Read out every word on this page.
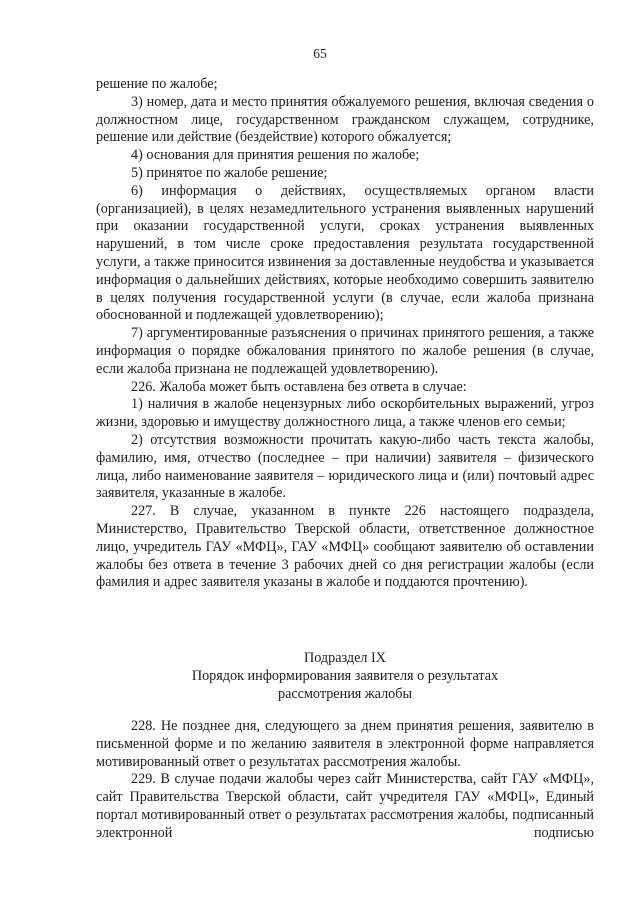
65

решение по жалобе;

3) номер, дата и место принятия обжалуемого решения, включая сведения о должностном лице, государственном гражданском служащем, сотруднике, решение или действие (бездействие) которого обжалуется;

4) основания для принятия решения по жалобе;

5) принятое по жалобе решение;

6) информация о действиях, осуществляемых органом власти (организацией), в целях незамедлительного устранения выявленных нарушений при оказании государственной услуги, сроках устранения выявленных нарушений, в том числе сроке предоставления результата государственной услуги, а также приносится извинения за доставленные неудобства и указывается информация о дальнейших действиях, которые необходимо совершить заявителю в целях получения государственной услуги (в случае, если жалоба признана обоснованной и подлежащей удовлетворению);

7) аргументированные разъяснения о причинах принятого решения, а также информация о порядке обжалования принятого по жалобе решения (в случае, если жалоба признана не подлежащей удовлетворению).

226. Жалоба может быть оставлена без ответа в случае:

1) наличия в жалобе нецензурных либо оскорбительных выражений, угроз жизни, здоровью и имуществу должностного лица, а также членов его семьи;

2) отсутствия возможности прочитать какую-либо часть текста жалобы, фамилию, имя, отчество (последнее – при наличии) заявителя – физического лица, либо наименование заявителя – юридического лица и (или) почтовый адрес заявителя, указанные в жалобе.

227. В случае, указанном в пункте 226 настоящего подраздела, Министерство, Правительство Тверской области, ответственное должностное лицо, учредитель ГАУ «МФЦ», ГАУ «МФЦ» сообщают заявителю об оставлении жалобы без ответа в течение 3 рабочих дней со дня регистрации жалобы (если фамилия и адрес заявителя указаны в жалобе и поддаются прочтению).

Подраздел IX
Порядок информирования заявителя о результатах
рассмотрения жалобы

228. Не позднее дня, следующего за днем принятия решения, заявителю в письменной форме и по желанию заявителя в электронной форме направляется мотивированный ответ о результатах рассмотрения жалобы.

229. В случае подачи жалобы через сайт Министерства, сайт ГАУ «МФЦ», сайт Правительства Тверской области, сайт учредителя ГАУ «МФЦ», Единый портал мотивированный ответ о результатах рассмотрения жалобы, подписанный электронной подписью
